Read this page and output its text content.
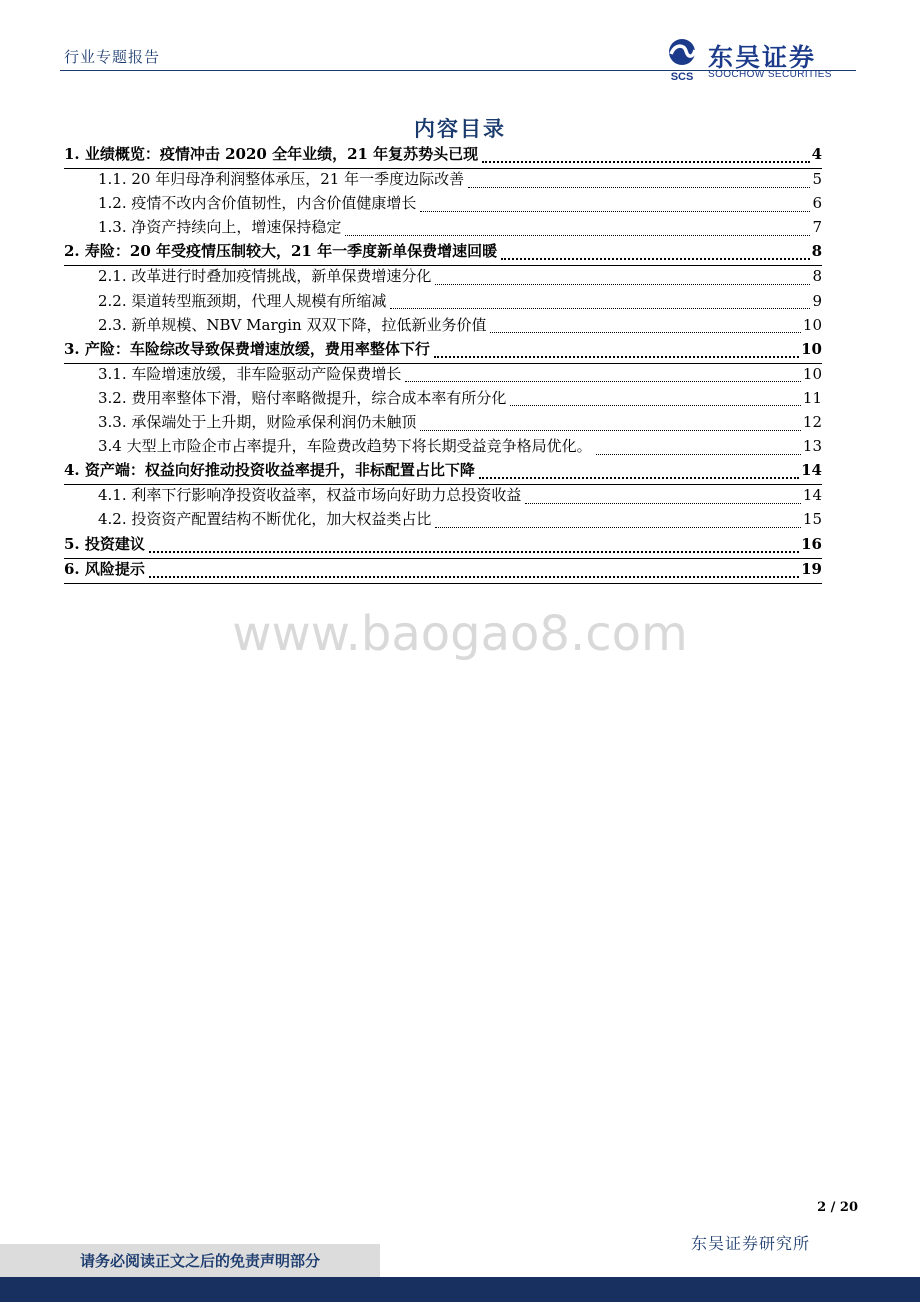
行业专题报告
SCS
东吴证券
SOOCHOW SECURITIES
内容目录
1. 业绩概览：疫情冲击 2020 全年业绩，21 年复苏势头已现	4
1.1. 20 年归母净利润整体承压，21 年一季度边际改善	5
1.2. 疫情不改内含价值韧性，内含价值健康增长	6
1.3. 净资产持续向上，增速保持稳定	7
2. 寿险：20 年受疫情压制较大，21 年一季度新单保费增速回暖	8
2.1. 改革进行时叠加疫情挑战，新单保费增速分化	8
2.2. 渠道转型瓶颈期，代理人规模有所缩减	9
2.3. 新单规模、NBV Margin 双双下降，拉低新业务价值	10
3. 产险：车险综改导致保费增速放缓，费用率整体下行	10
3.1. 车险增速放缓，非车险驱动产险保费增长	10
3.2. 费用率整体下滑，赔付率略微提升，综合成本率有所分化	11
3.3. 承保端处于上升期，财险承保利润仍未触顶	12
3.4 大型上市险企市占率提升，车险费改趋势下将长期受益竞争格局优化。	13
4. 资产端：权益向好推动投资收益率提升，非标配置占比下降	14
4.1. 利率下行影响净投资收益率，权益市场向好助力总投资收益	14
4.2. 投资资产配置结构不断优化，加大权益类占比	15
5. 投资建议	16
6. 风险提示	19
www.baogao8.com
2 / 20
东吴证券研究所
请务必阅读正文之后的免责声明部分
